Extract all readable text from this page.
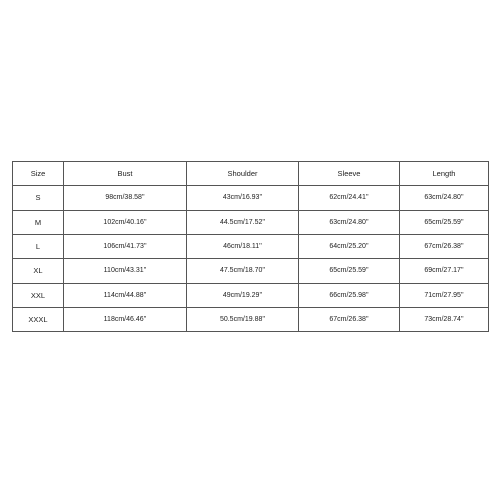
Size	Bust	Shoulder	Sleeve	Length
S	98cm/38.58''	43cm/16.93''	62cm/24.41''	63cm/24.80''
M	102cm/40.16''	44.5cm/17.52''	63cm/24.80''	65cm/25.59''
L	106cm/41.73''	46cm/18.11''	64cm/25.20''	67cm/26.38''
XL	110cm/43.31''	47.5cm/18.70''	65cm/25.59''	69cm/27.17''
XXL	114cm/44.88''	49cm/19.29''	66cm/25.98''	71cm/27.95''
XXXL	118cm/46.46''	50.5cm/19.88''	67cm/26.38''	73cm/28.74''
